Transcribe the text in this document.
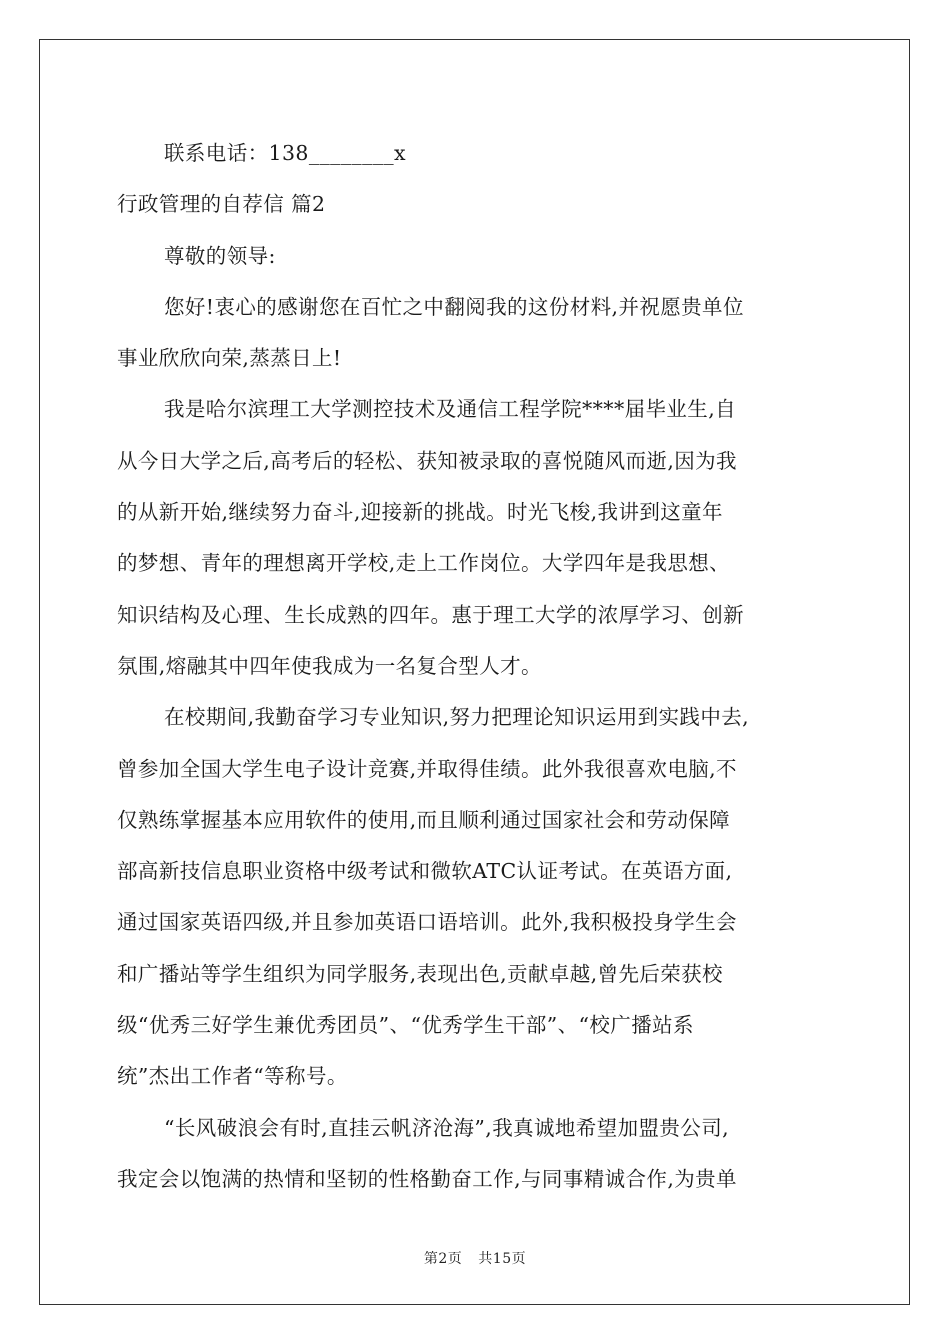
联系电话：138________x
行政管理的自荐信 篇2
尊敬的领导:
您好!衷心的感谢您在百忙之中翻阅我的这份材料,并祝愿贵单位
事业欣欣向荣,蒸蒸日上!
我是哈尔滨理工大学测控技术及通信工程学院****届毕业生,自
从今日大学之后,高考后的轻松、获知被录取的喜悦随风而逝,因为我
的从新开始,继续努力奋斗,迎接新的挑战。时光飞梭,我讲到这童年
的梦想、青年的理想离开学校,走上工作岗位。大学四年是我思想、
知识结构及心理、生长成熟的四年。惠于理工大学的浓厚学习、创新
氛围,熔融其中四年使我成为一名复合型人才。
在校期间,我勤奋学习专业知识,努力把理论知识运用到实践中去,
曾参加全国大学生电子设计竞赛,并取得佳绩。此外我很喜欢电脑,不
仅熟练掌握基本应用软件的使用,而且顺利通过国家社会和劳动保障
部高新技信息职业资格中级考试和微软ATC认证考试。在英语方面,
通过国家英语四级,并且参加英语口语培训。此外,我积极投身学生会
和广播站等学生组织为同学服务,表现出色,贡献卓越,曾先后荣获校
级“优秀三好学生兼优秀团员”、“优秀学生干部”、“校广播站系
统”杰出工作者“等称号。
“长风破浪会有时,直挂云帆济沧海”,我真诚地希望加盟贵公司,
我定会以饱满的热情和坚韧的性格勤奋工作,与同事精诚合作,为贵单
第2页 共15页
